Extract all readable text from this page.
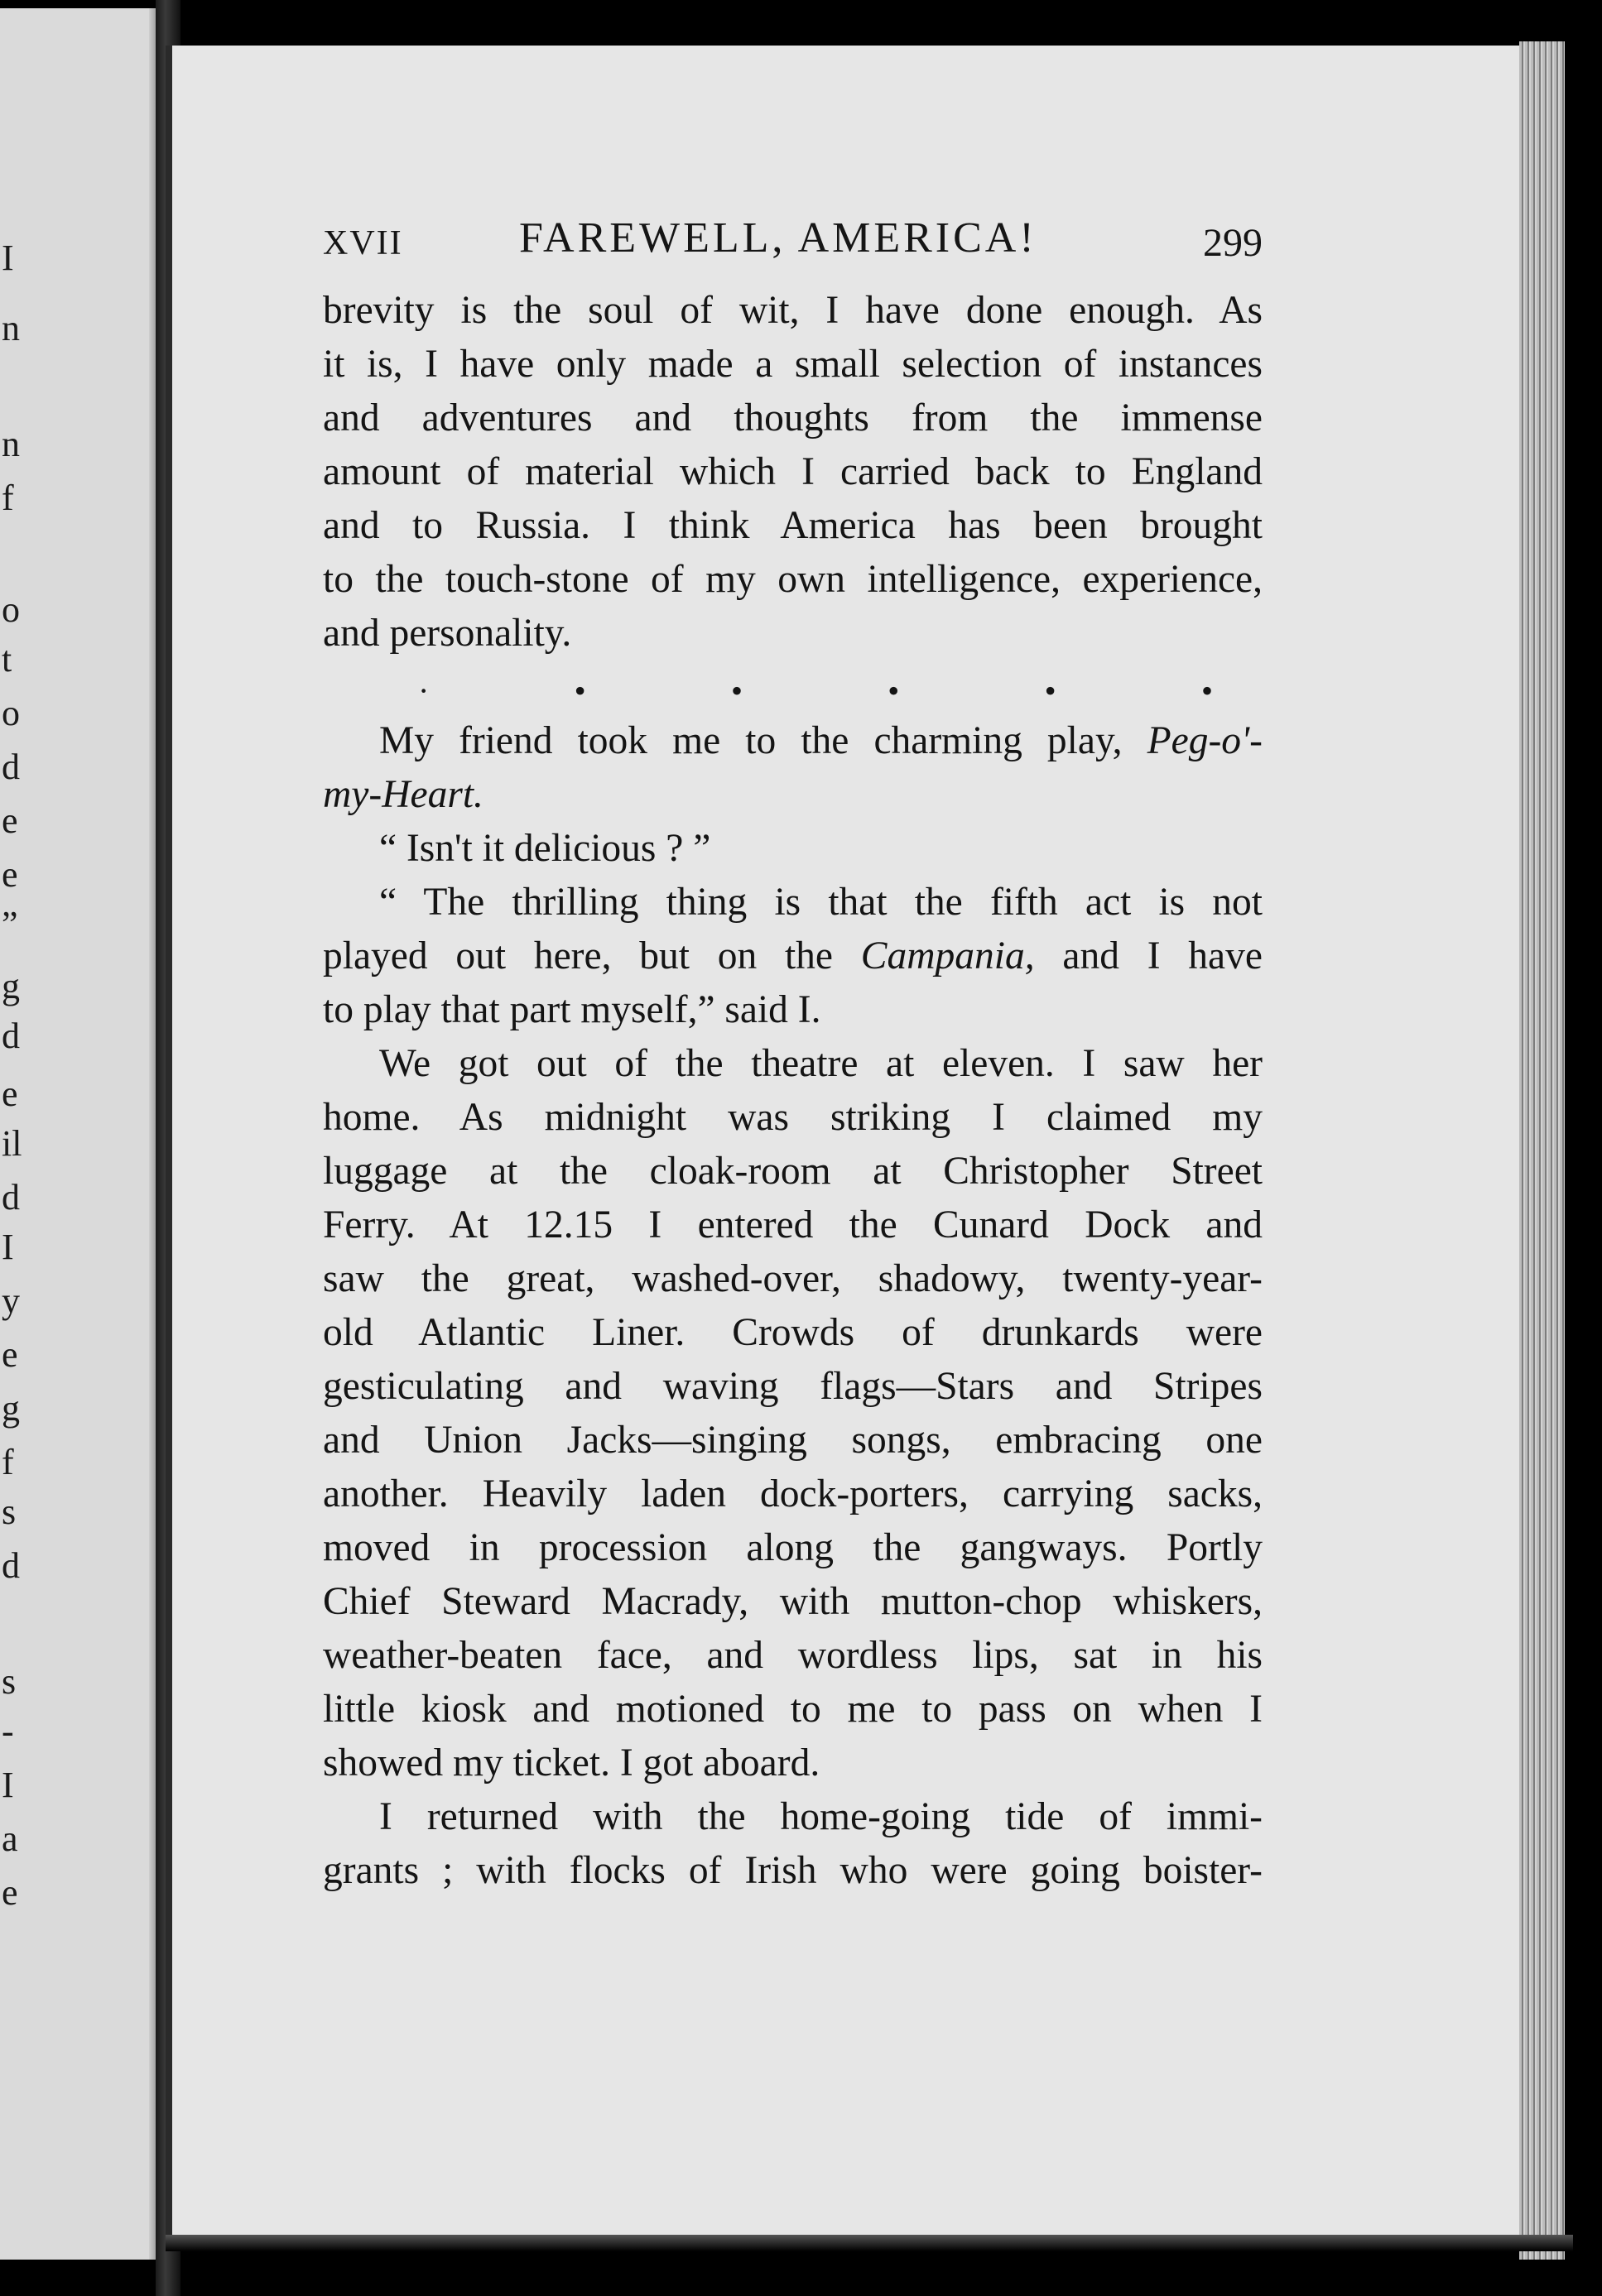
I
n
n
f
o
t
o
d
e
e
”
g
d
e
il
d
I
y
e
g
f
s
d
s
-
I
a
e
XVII	FAREWELL, AMERICA!	299

brevity is the soul of wit, I have done enough. As
it is, I have only made a small selection of instances
and adventures and thoughts from the immense
amount of material which I carried back to England
and to Russia. I think America has been brought
to the touch-stone of my own intelligence, experience,
and personality.

·	•	•	•	•	•

My friend took me to the charming play, Peg-o'-
my-Heart.

“ Isn't it delicious ? ”

“ The thrilling thing is that the fifth act is not
played out here, but on the Campania, and I have
to play that part myself,” said I.

We got out of the theatre at eleven. I saw her
home. As midnight was striking I claimed my
luggage at the cloak-room at Christopher Street
Ferry. At 12.15 I entered the Cunard Dock and
saw the great, washed-over, shadowy, twenty-year-
old Atlantic Liner. Crowds of drunkards were
gesticulating and waving flags—Stars and Stripes
and Union Jacks—singing songs, embracing one
another. Heavily laden dock-porters, carrying sacks,
moved in procession along the gangways. Portly
Chief Steward Macrady, with mutton-chop whiskers,
weather-beaten face, and wordless lips, sat in his
little kiosk and motioned to me to pass on when I
showed my ticket. I got aboard.

I returned with the home-going tide of immi-
grants ; with flocks of Irish who were going boister-
